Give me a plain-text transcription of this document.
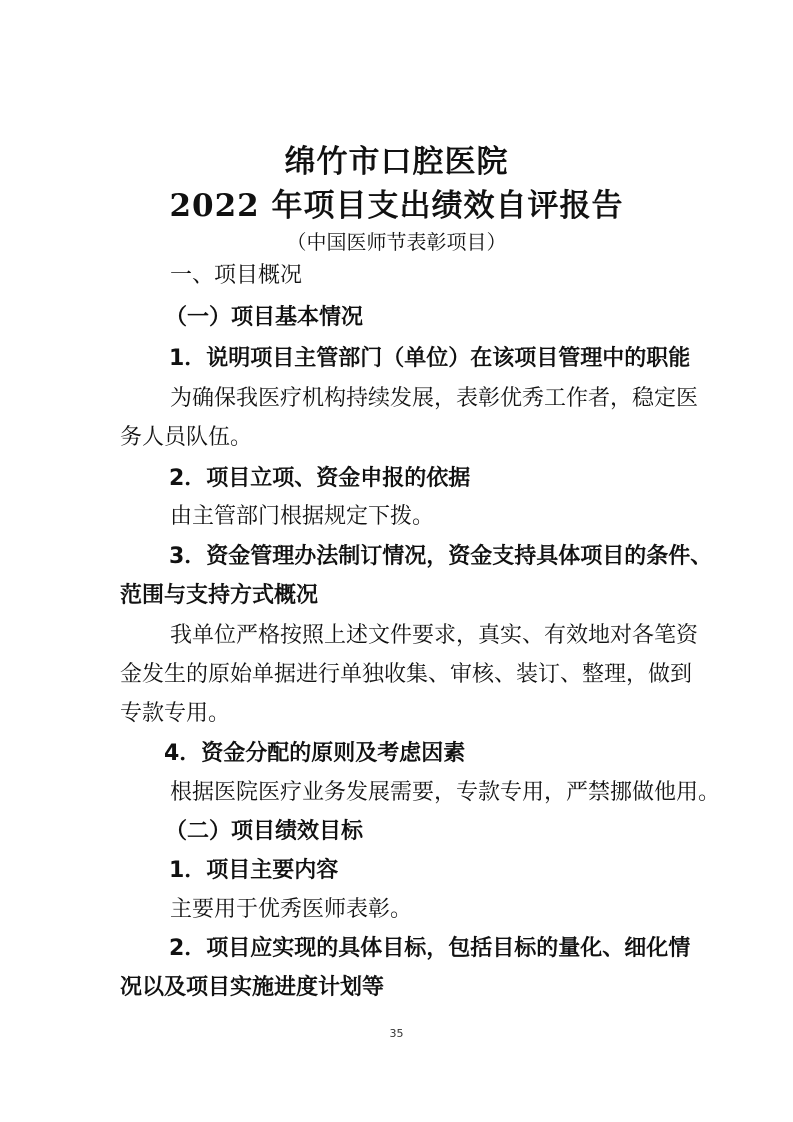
绵竹市口腔医院
2022 年项目支出绩效自评报告
（中国医师节表彰项目）
一、项目概况
（一）项目基本情况
1．说明项目主管部门（单位）在该项目管理中的职能
为确保我医疗机构持续发展，表彰优秀工作者，稳定医
务人员队伍。
2．项目立项、资金申报的依据
由主管部门根据规定下拨。
3．资金管理办法制订情况，资金支持具体项目的条件、
范围与支持方式概况
我单位严格按照上述文件要求，真实、有效地对各笔资
金发生的原始单据进行单独收集、审核、装订、整理，做到
专款专用。
4．资金分配的原则及考虑因素
根据医院医疗业务发展需要，专款专用，严禁挪做他用。
（二）项目绩效目标
1．项目主要内容
主要用于优秀医师表彰。
2．项目应实现的具体目标，包括目标的量化、细化情
况以及项目实施进度计划等
35
